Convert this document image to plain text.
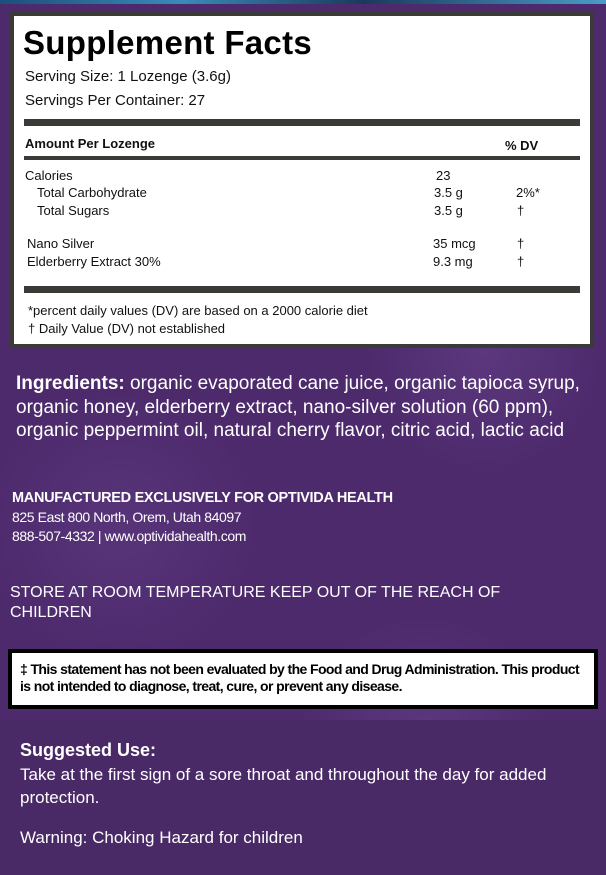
Supplement Facts
Serving Size: 1 Lozenge (3.6g)
Servings Per Container: 27
Amount Per Lozenge	% DV
Calories	23
Total Carbohydrate	3.5 g	2%*
Total Sugars	3.5 g	†
Nano Silver	35 mcg	†
Elderberry Extract 30%	9.3 mg	†
*percent daily values (DV) are based on a 2000 calorie diet
† Daily Value (DV) not established
Ingredients: organic evaporated cane juice, organic tapioca syrup, organic honey, elderberry extract, nano-silver solution (60 ppm), organic peppermint oil, natural cherry flavor, citric acid, lactic acid
MANUFACTURED EXCLUSIVELY FOR OPTIVIDA HEALTH
825 East 800 North, Orem, Utah 84097
888-507-4332 | www.optividahealth.com
STORE AT ROOM TEMPERATURE KEEP OUT OF THE REACH OF CHILDREN
‡ This statement has not been evaluated by the Food and Drug Administration. This product is not intended to diagnose, treat, cure, or prevent any disease.
Suggested Use:
Take at the first sign of a sore throat and throughout the day for added protection.
Warning: Choking Hazard for children
